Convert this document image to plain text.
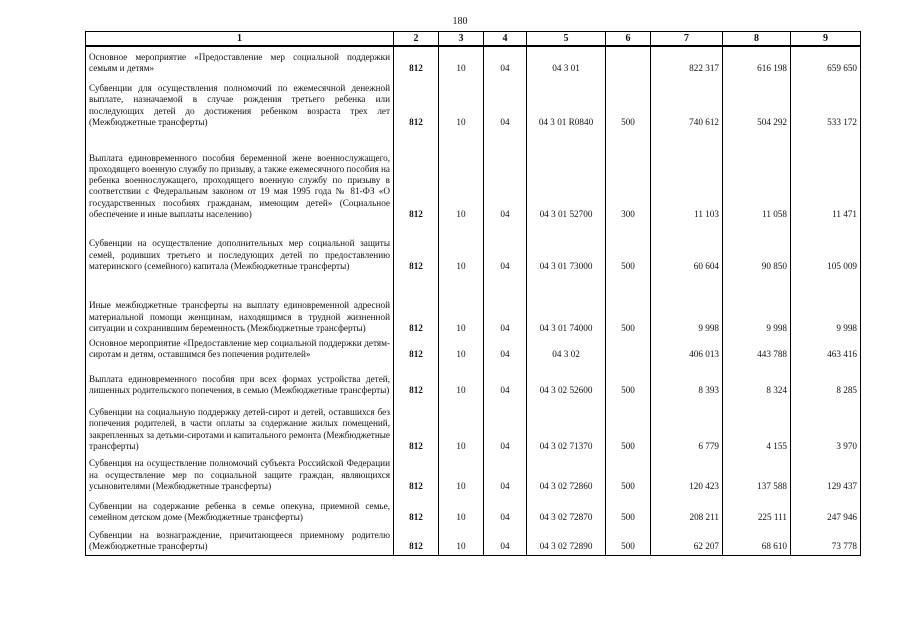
180
1	2	3	4	5	6	7	8	9
Основное мероприятие «Предоставление мер социальной поддержки семьям и детям»	812	10	04	04 3 01		822 317	616 198	659 650
Субвенции для осуществления полномочий по ежемесячной денежной выплате, назначаемой в случае рождения третьего ребенка или последующих детей до достижения ребенком возраста трех лет (Межбюджетные трансферты)	812	10	04	04 3 01 R0840	500	740 612	504 292	533 172
Выплата единовременного пособия беременной жене военнослужащего, проходящего военную службу по призыву, а также ежемесячного пособия на ребенка военнослужащего, проходящего военную службу по призыву в соответствии с Федеральным законом от 19 мая 1995 года № 81-ФЗ «О государственных пособиях гражданам, имеющим детей» (Социальное обеспечение и иные выплаты населению)	812	10	04	04 3 01 52700	300	11 103	11 058	11 471
Субвенции на осуществление дополнительных мер социальной защиты семей, родивших третьего и последующих детей по предоставлению материнского (семейного) капитала (Межбюджетные трансферты)	812	10	04	04 3 01 73000	500	60 604	90 850	105 009
Иные межбюджетные трансферты на выплату единовременной адресной материальной помощи женщинам, находящимся в трудной жизненной ситуации и сохранившим беременность (Межбюджетные трансферты)	812	10	04	04 3 01 74000	500	9 998	9 998	9 998
Основное мероприятие «Предоставление мер социальной поддержки детям-сиротам и детям, оставшимся без попечения родителей»	812	10	04	04 3 02		406 013	443 788	463 416
Выплата единовременного пособия при всех формах устройства детей, лишенных родительского попечения, в семью (Межбюджетные трансферты)	812	10	04	04 3 02 52600	500	8 393	8 324	8 285
Субвенции на социальную поддержку детей-сирот и детей, оставшихся без попечения родителей, в части оплаты за содержание жилых помещений, закрепленных за детьми-сиротами и капитального ремонта (Межбюджетные трансферты)	812	10	04	04 3 02 71370	500	6 779	4 155	3 970
Субвенция на осуществление полномочий субъекта Российской Федерации на осуществление мер по социальной защите граждан, являющихся усыновителями (Межбюджетные трансферты)	812	10	04	04 3 02 72860	500	120 423	137 588	129 437
Субвенции на содержание ребенка в семье опекуна, приемной семье, семейном детском доме (Межбюджетные трансферты)	812	10	04	04 3 02 72870	500	208 211	225 111	247 946
Субвенции на вознаграждение, причитающееся приемному родителю (Межбюджетные трансферты)	812	10	04	04 3 02 72890	500	62 207	68 610	73 778
